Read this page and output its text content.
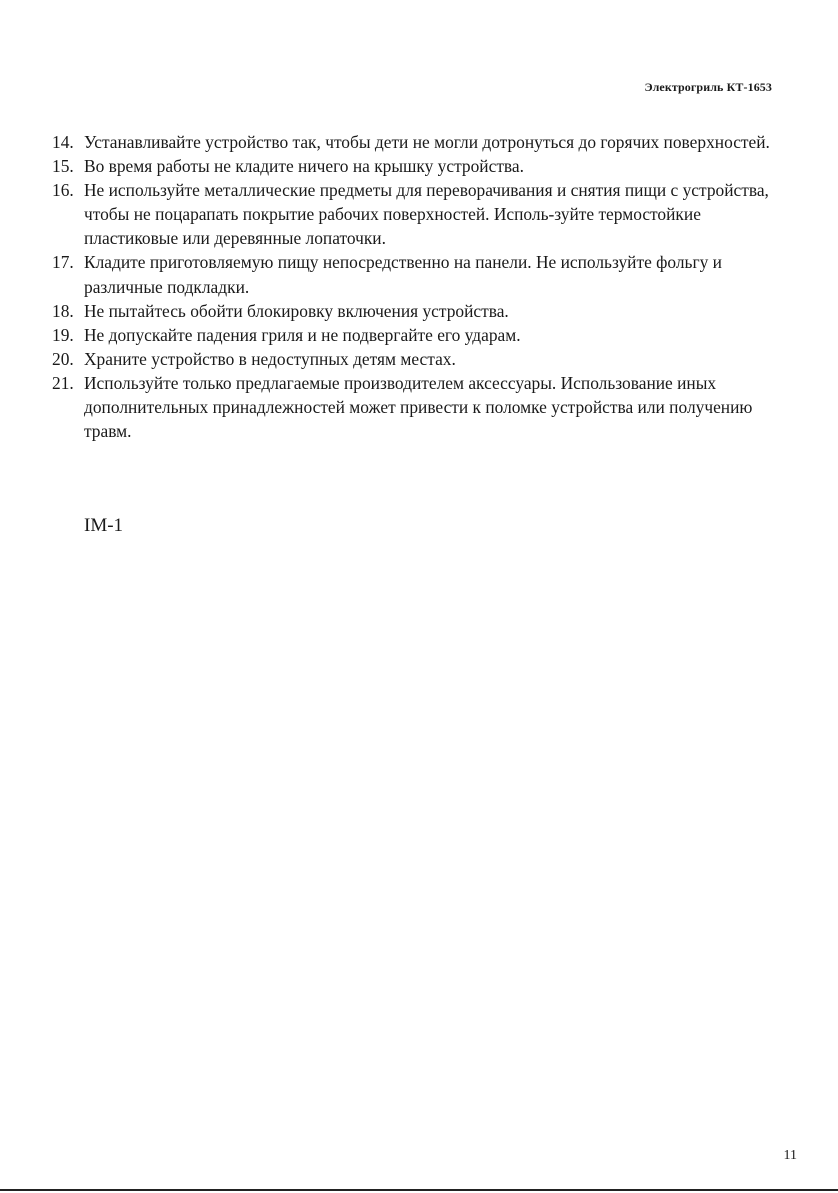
Электрогриль КТ-1653
14. Устанавливайте устройство так, чтобы дети не могли дотронуться до горячих поверхностей.
15. Во время работы не кладите ничего на крышку устройства.
16. Не используйте металлические предметы для переворачивания и снятия пищи с устройства, чтобы не поцарапать покрытие рабочих поверхностей. Исполь-зуйте термостойкие пластиковые или деревянные лопаточки.
17. Кладите приготовляемую пищу непосредственно на панели. Не используйте фольгу и различные подкладки.
18. Не пытайтесь обойти блокировку включения устройства.
19. Не допускайте падения гриля и не подвергайте его ударам.
20. Храните устройство в недоступных детям местах.
21. Используйте только предлагаемые производителем аксессуары. Использование иных дополнительных принадлежностей может привести к поломке устройства или получению травм.
IM-1
11
